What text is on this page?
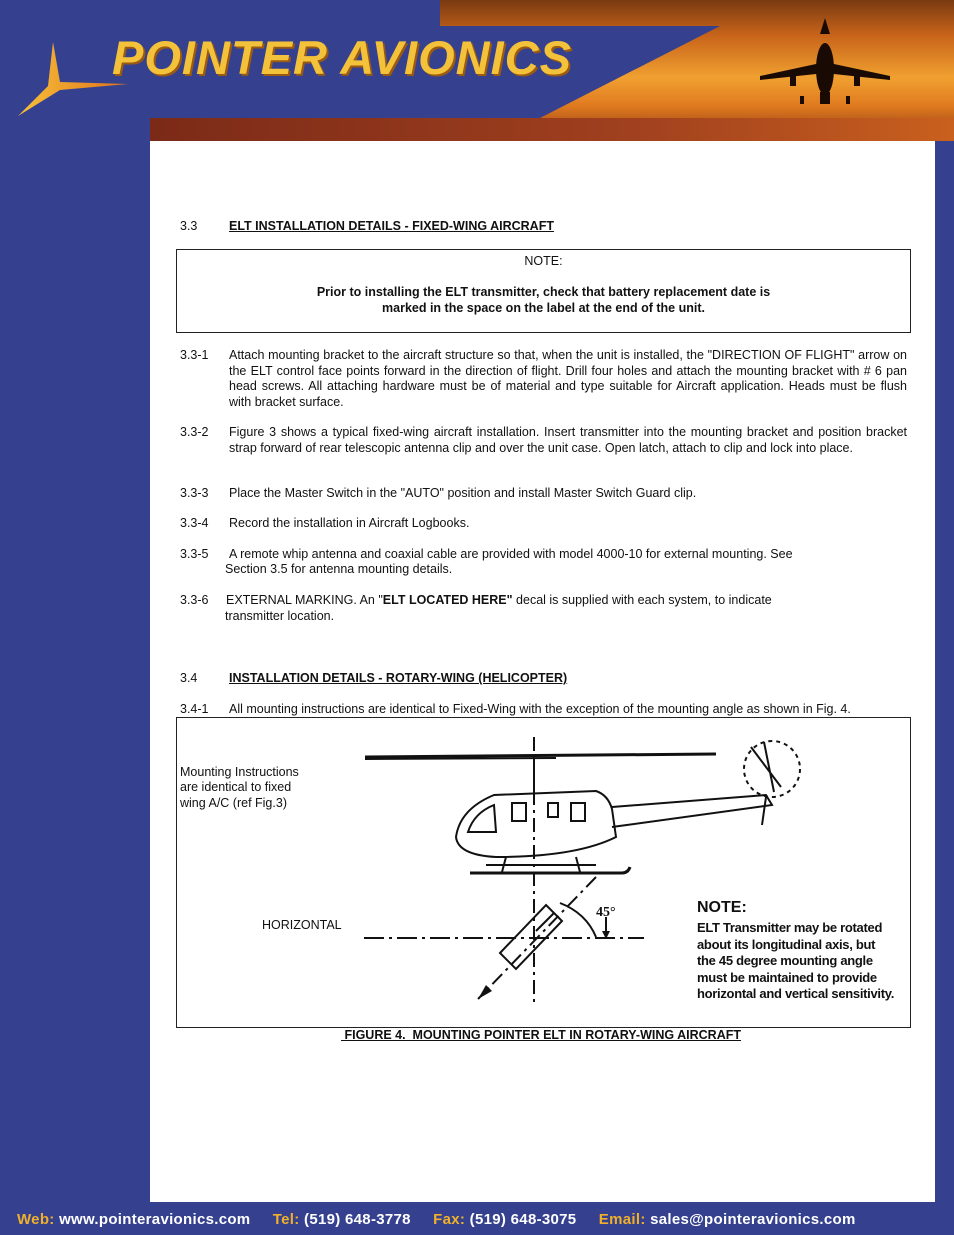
POINTER AVIONICS
3.3	ELT INSTALLATION DETAILS - FIXED-WING AIRCRAFT
NOTE:
Prior to installing the ELT transmitter, check that battery replacement date is
marked in the space on the label at the end of the unit.
3.3-1 Attach mounting bracket to the aircraft structure so that, when the unit is installed, the "DIRECTION OF FLIGHT" arrow on the ELT control face points forward in the direction of flight. Drill four holes and attach the mounting bracket with # 6 pan head screws. All attaching hardware must be of material and type suitable for Aircraft application. Heads must be flush with bracket surface.
3.3-2 Figure 3 shows a typical fixed-wing aircraft installation. Insert transmitter into the mounting bracket and position bracket strap forward of rear telescopic antenna clip and over the unit case. Open latch, attach to clip and lock into place.
3.3-3 Place the Master Switch in the "AUTO" position and install Master Switch Guard clip.
3.3-4 Record the installation in Aircraft Logbooks.
3.3-5 A remote whip antenna and coaxial cable are provided with model 4000-10 for external mounting. See
Section 3.5 for antenna mounting details.
3.3-6 EXTERNAL MARKING. An "ELT LOCATED HERE" decal is supplied with each system, to indicate
transmitter location.
3.4	INSTALLATION DETAILS - ROTARY-WING (HELICOPTER)
3.4-1 All mounting instructions are identical to Fixed-Wing with the exception of the mounting angle as shown in Fig. 4.
Mounting Instructions
are identical to fixed
wing A/C (ref Fig.3)
HORIZONTAL
45°	NOTE:
ELT Transmitter may be rotated
about its longitudinal axis, but
the 45 degree mounting angle
must be maintained to provide
horizontal and vertical sensitivity.
FIGURE 4.  MOUNTING POINTER ELT IN ROTARY-WING AIRCRAFT
Web: www.pointeravionics.com Tel: (519) 648-3778 Fax: (519) 648-3075 Email: sales@pointeravionics.com
